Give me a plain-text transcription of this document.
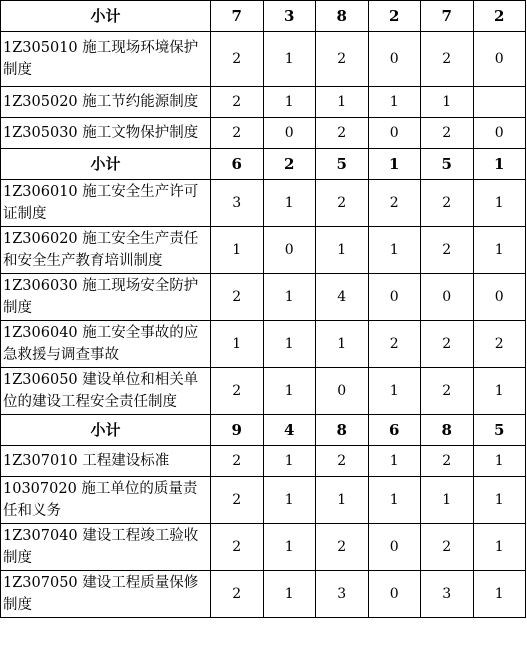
小计	7	3	8	2	7	2
1Z305010 施工现场环境保护制度	2	1	2	0	2	0
1Z305020 施工节约能源制度	2	1	1	1	1	
1Z305030 施工文物保护制度	2	0	2	0	2	0
小计	6	2	5	1	5	1
1Z306010 施工安全生产许可证制度	3	1	2	2	2	1
1Z306020 施工安全生产责任和安全生产教育培训制度	1	0	1	1	2	1
1Z306030 施工现场安全防护制度	2	1	4	0	0	0
1Z306040 施工安全事故的应急救援与调查事故	1	1	1	2	2	2
1Z306050 建设单位和相关单位的建设工程安全责任制度	2	1	0	1	2	1
小计	9	4	8	6	8	5
1Z307010 工程建设标准	2	1	2	1	2	1
10307020 施工单位的质量责任和义务	2	1	1	1	1	1
1Z307040 建设工程竣工验收制度	2	1	2	0	2	1
1Z307050 建设工程质量保修制度	2	1	3	0	3	1
